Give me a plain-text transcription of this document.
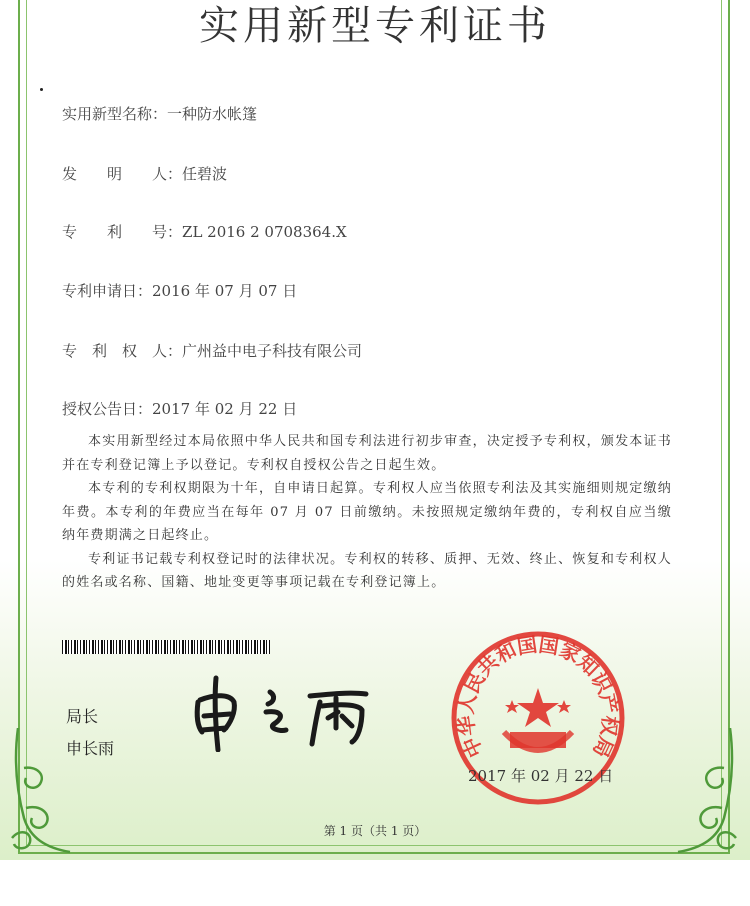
实用新型专利证书
实用新型名称：一种防水帐篷
发　　明　　人：任碧波
专　　利　　号：ZL 2016 2 0708364.X
专利申请日：2016 年 07 月 07 日
专　利　权　人：广州益中电子科技有限公司
授权公告日：2017 年 02 月 22 日

本实用新型经过本局依照中华人民共和国专利法进行初步审查，决定授予专利权，颁发本证书并在专利登记簿上予以登记。专利权自授权公告之日起生效。

本专利的专利权期限为十年，自申请日起算。专利权人应当依照专利法及其实施细则规定缴纳年费。本专利的年费应当在每年 07 月 07 日前缴纳。未按照规定缴纳年费的，专利权自应当缴纳年费期满之日起终止。

专利证书记载专利权登记时的法律状况。专利权的转移、质押、无效、终止、恢复和专利权人的姓名或名称、国籍、地址变更等事项记载在专利登记簿上。

局长
申长雨	中华人民共和国国家知识产权局
2017 年 02 月 22 日
第 1 页（共 1 页）
